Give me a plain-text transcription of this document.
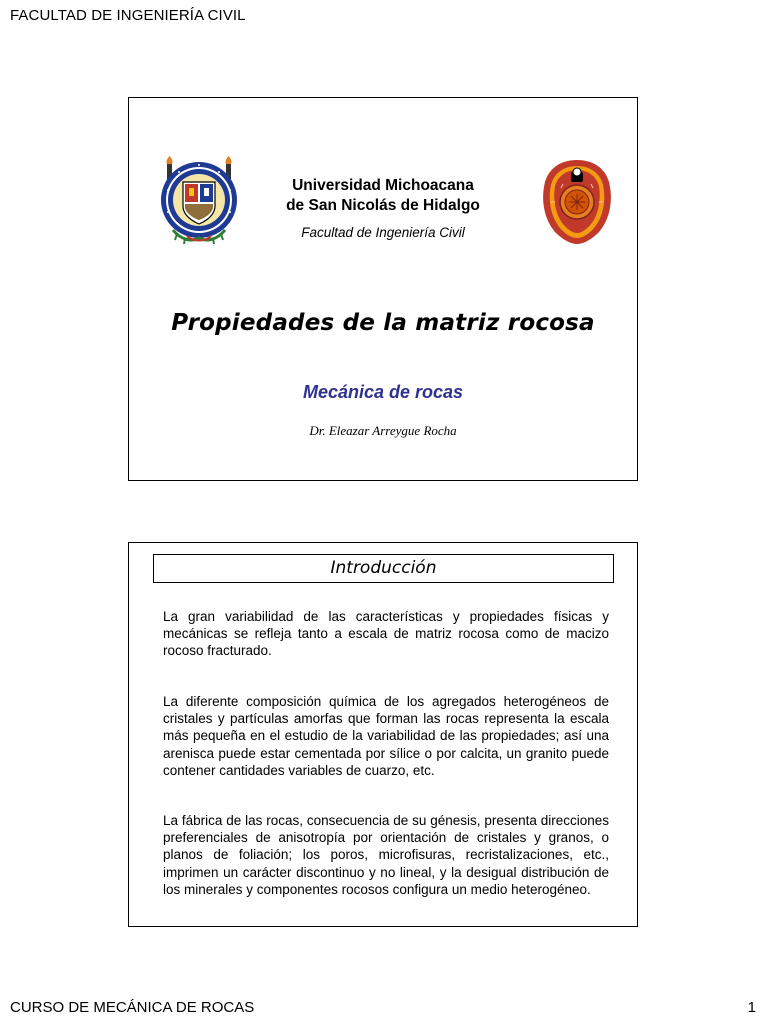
FACULTAD DE INGENIERÍA CIVIL
Universidad Michoacana
de San Nicolás de Hidalgo
Facultad de Ingeniería Civil
Propiedades de la matriz rocosa
Mecánica de rocas
Dr. Eleazar Arreygue Rocha
Introducción
La gran variabilidad de las características y propiedades físicas y mecánicas se refleja tanto a escala de matriz rocosa como de macizo rocoso fracturado.
La diferente composición química de los agregados heterogéneos de cristales y partículas amorfas que forman las rocas representa la escala más pequeña en el estudio de la variabilidad de las propiedades; así una arenisca puede estar cementada por sílice o por calcita, un granito puede contener cantidades variables de cuarzo, etc.
La fábrica de las rocas, consecuencia de su génesis, presenta direcciones preferenciales de anisotropía por orientación de cristales y granos, o planos de foliación; los poros, microfisuras, recristalizaciones, etc., imprimen un carácter discontinuo y no lineal, y la desigual distribución de los minerales y componentes rocosos configura un medio heterogéneo.
CURSO DE MECÁNICA DE ROCAS	1
